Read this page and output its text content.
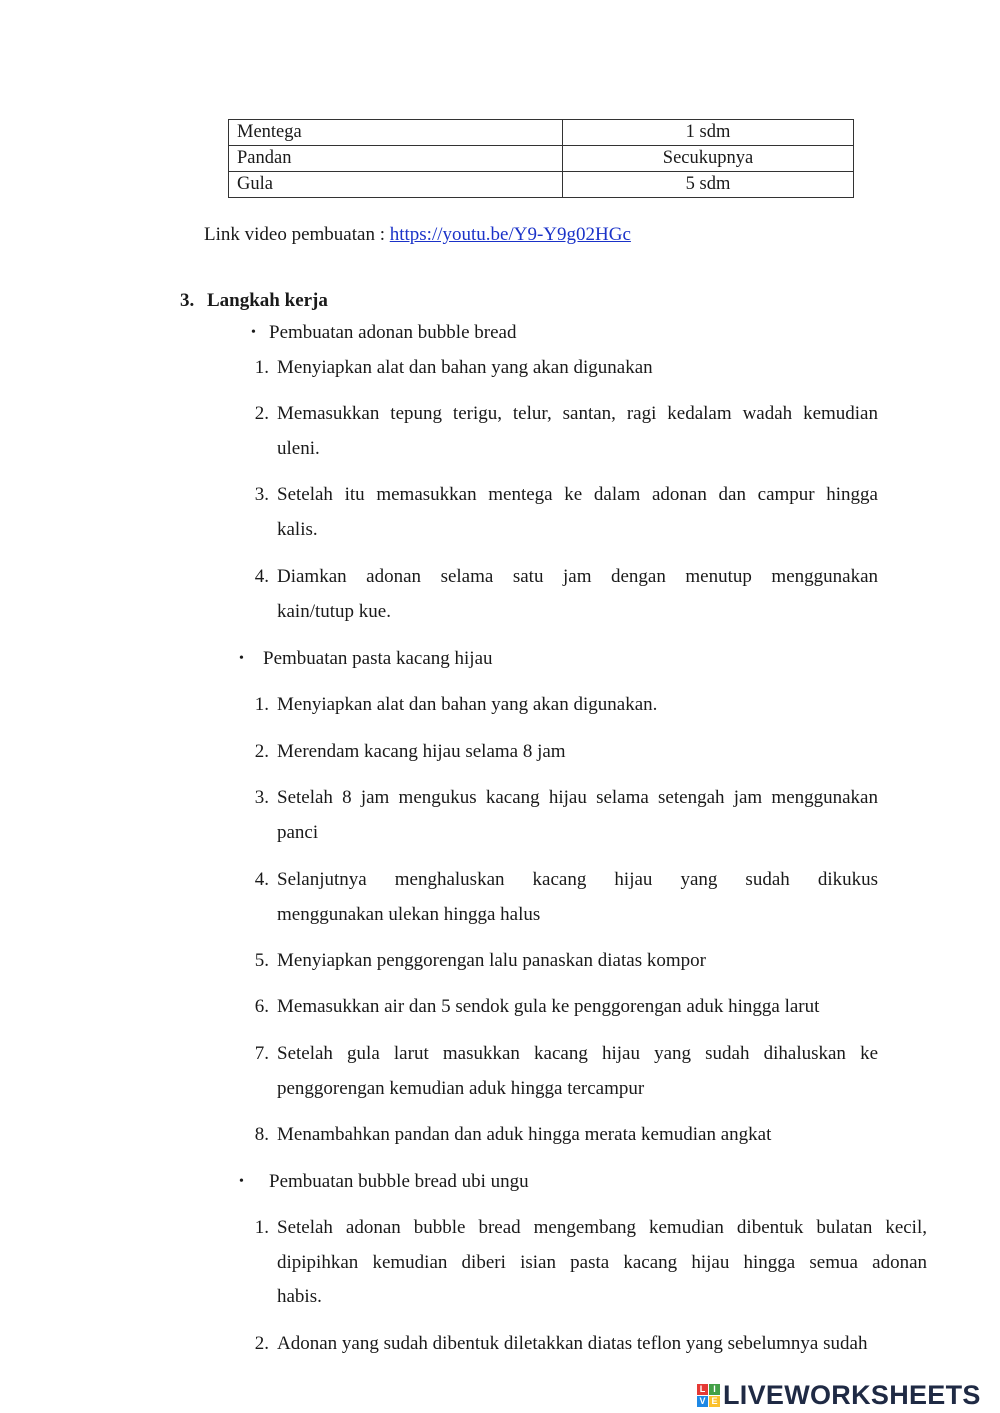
Mentega	1 sdm
Pandan	Secukupnya
Gula	5 sdm
Link video pembuatan : https://youtu.be/Y9-Y9g02HGc
3. Langkah kerja
• Pembuatan adonan bubble bread
1. Menyiapkan alat dan bahan yang akan digunakan
2. Memasukkan tepung terigu, telur, santan, ragi kedalam wadah kemudian
uleni.
3. Setelah itu memasukkan mentega ke dalam adonan dan campur hingga
kalis.
4. Diamkan adonan selama satu jam dengan menutup menggunakan
kain/tutup kue.
• Pembuatan pasta kacang hijau
1. Menyiapkan alat dan bahan yang akan digunakan.
2. Merendam kacang hijau selama 8 jam
3. Setelah 8 jam mengukus kacang hijau selama setengah jam menggunakan
panci
4. Selanjutnya menghaluskan kacang hijau yang sudah dikukus
menggunakan ulekan hingga halus
5. Menyiapkan penggorengan lalu panaskan diatas kompor
6. Memasukkan air dan 5 sendok gula ke penggorengan aduk hingga larut
7. Setelah gula larut masukkan kacang hijau yang sudah dihaluskan ke
penggorengan kemudian aduk hingga tercampur
8. Menambahkan pandan dan aduk hingga merata kemudian angkat
• Pembuatan bubble bread ubi ungu
1. Setelah adonan bubble bread mengembang kemudian dibentuk bulatan kecil,
dipipihkan kemudian diberi isian pasta kacang hijau hingga semua adonan
habis.
2. Adonan yang sudah dibentuk diletakkan diatas teflon yang sebelumnya sudah
L I
V E LIVEWORKSHEETS
